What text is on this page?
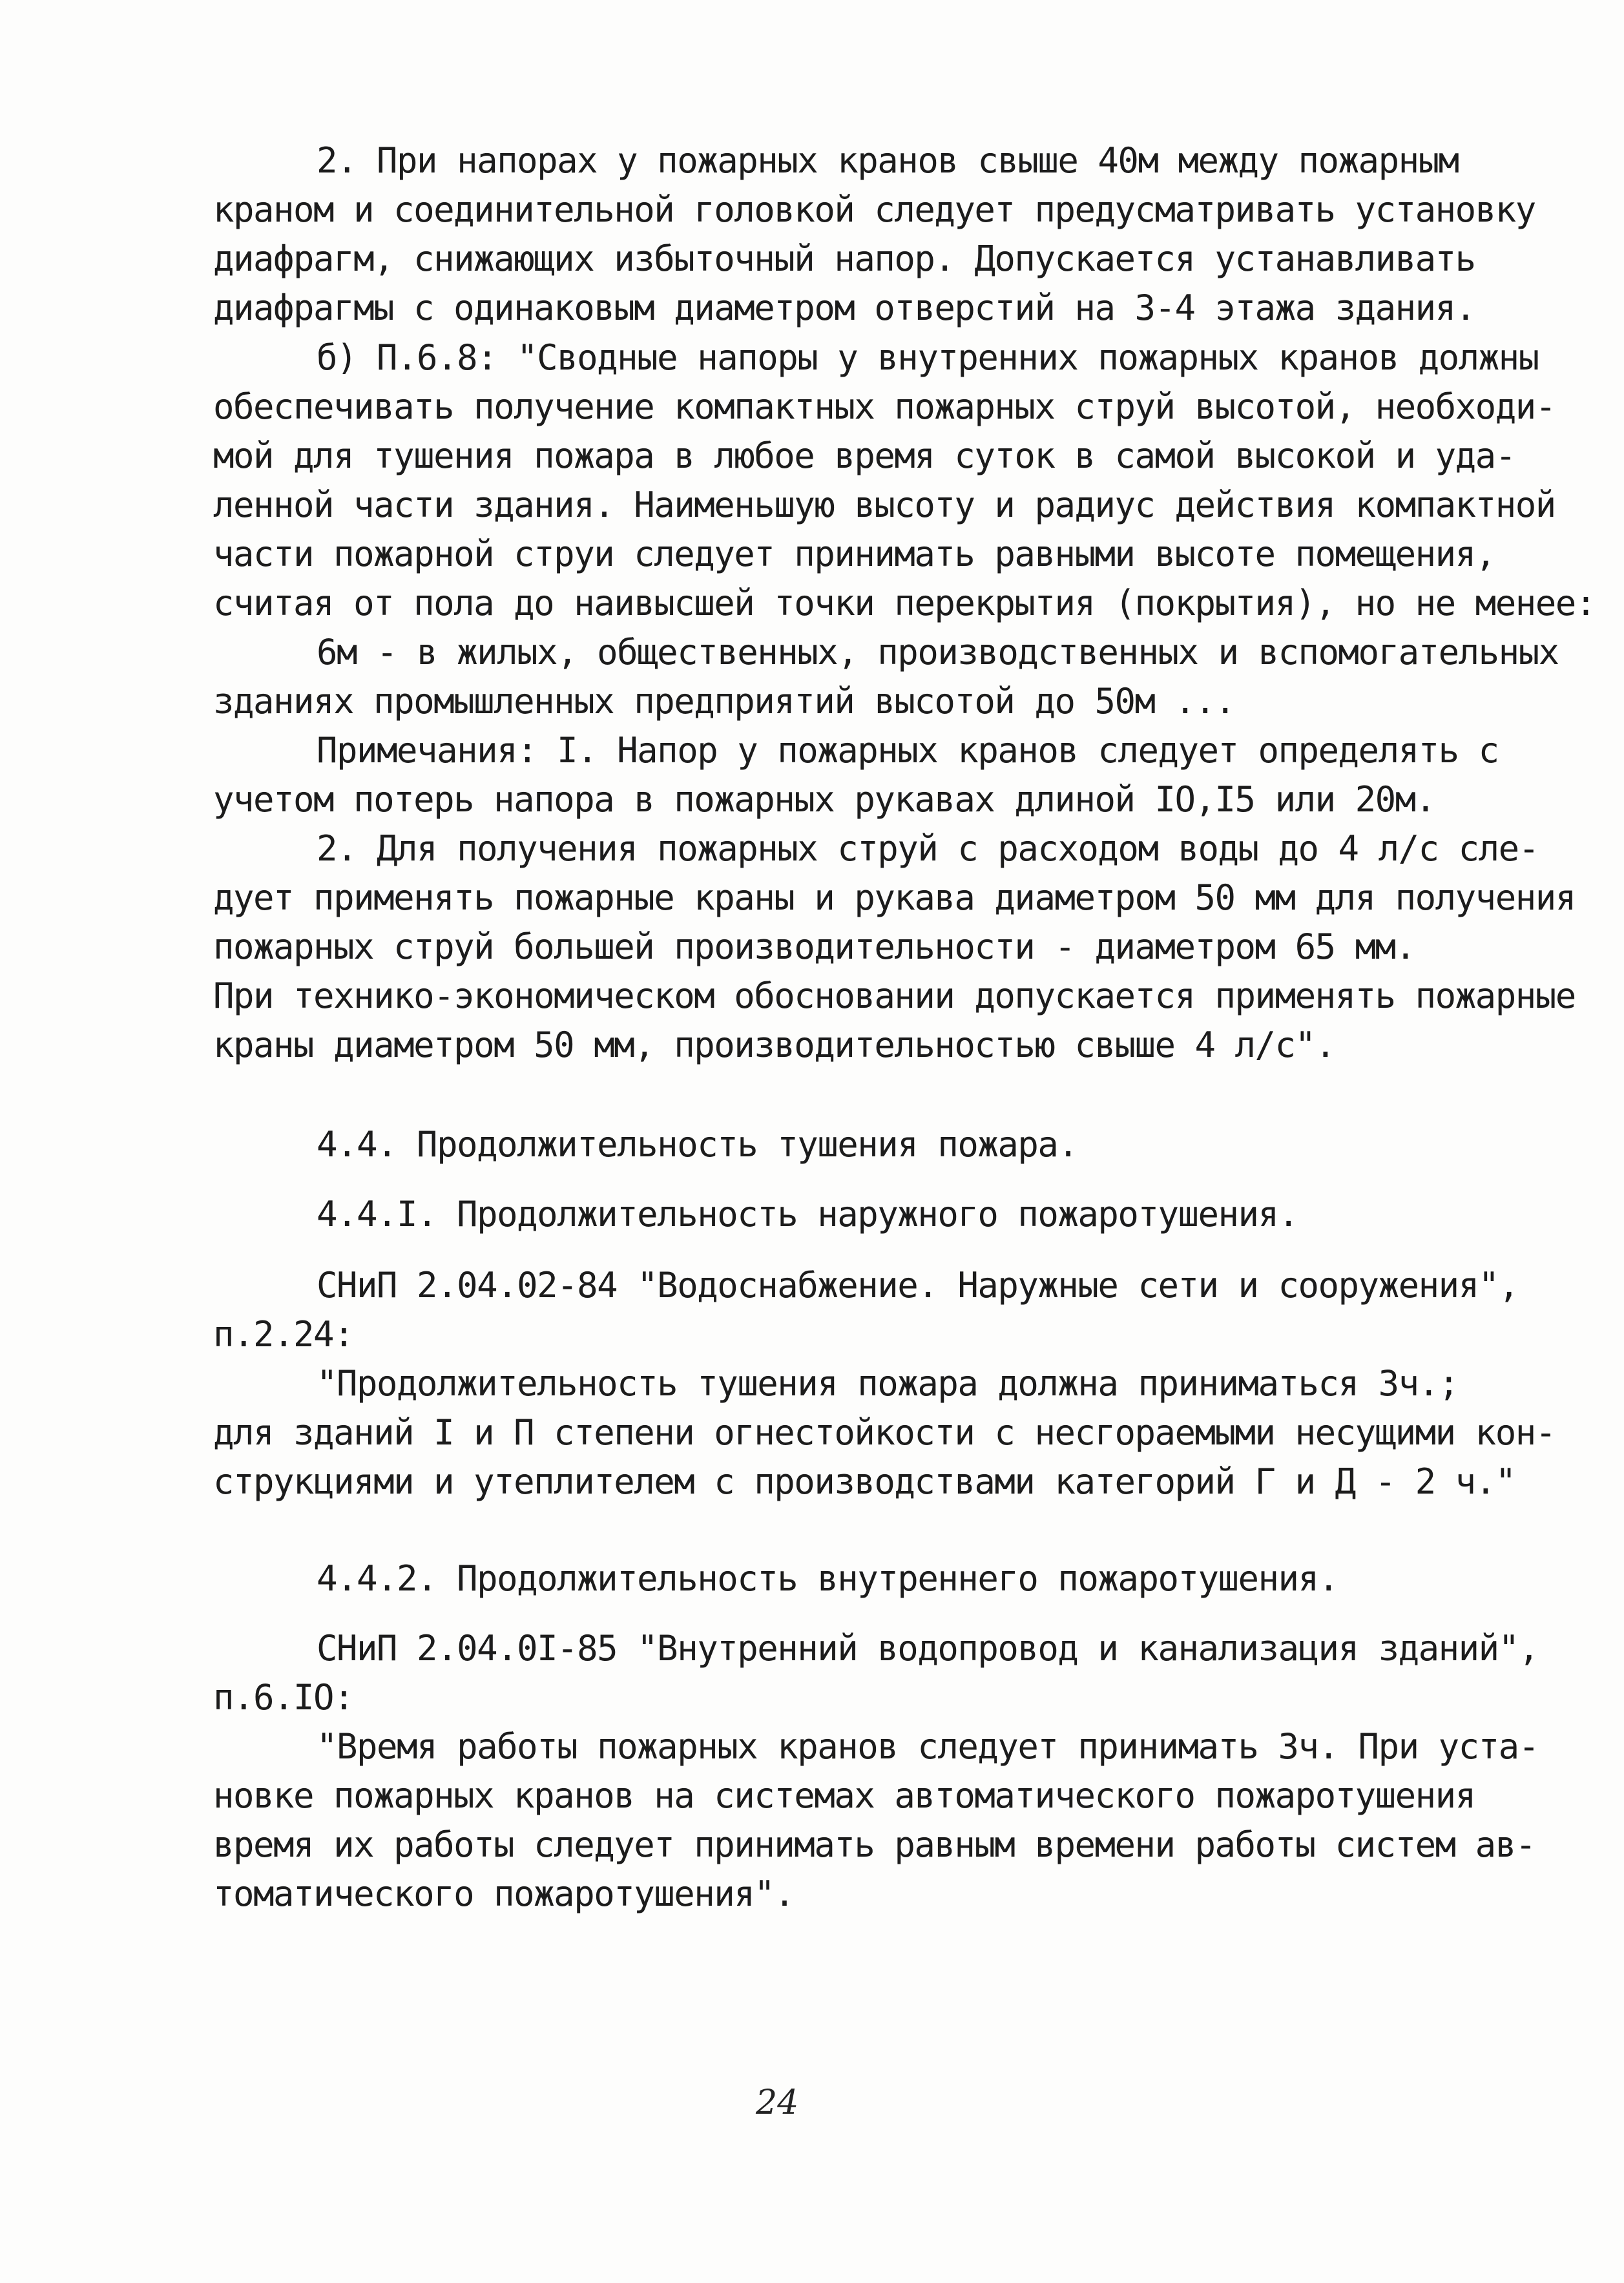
2. При напорах у пожарных кранов свыше 40м между пожарным
краном и соединительной головкой следует предусматривать установку
диафрагм, снижающих избыточный напор. Допускается устанавливать
диафрагмы с одинаковым диаметром отверстий на 3-4 этажа здания.
б) П.6.8: "Сводные напоры у внутренних пожарных кранов должны
обеспечивать получение компактных пожарных струй высотой, необходи-
мой для тушения пожара в любое время суток в самой высокой и уда-
ленной части здания. Наименьшую высоту и радиус действия компактной
части пожарной струи следует принимать равными высоте помещения,
считая от пола до наивысшей точки перекрытия (покрытия), но не менее:
6м - в жилых, общественных, производственных и вспомогательных
зданиях промышленных предприятий высотой до 50м ...
Примечания: I. Напор у пожарных кранов следует определять с
учетом потерь напора в пожарных рукавах длиной IO,I5 или 20м.
2. Для получения пожарных струй с расходом воды до 4 л/с сле-
дует применять пожарные краны и рукава диаметром 50 мм для получения
пожарных струй большей производительности - диаметром 65 мм.
При технико-экономическом обосновании допускается применять пожарные
краны диаметром 50 мм, производительностью свыше 4 л/с".
4.4. Продолжительность тушения пожара.
4.4.I. Продолжительность наружного пожаротушения.
СНиП 2.04.02-84 "Водоснабжение. Наружные сети и сооружения",
п.2.24:
"Продолжительность тушения пожара должна приниматься 3ч.;
для зданий I и П степени огнестойкости с несгораемыми несущими кон-
струкциями и утеплителем с производствами категорий Г и Д - 2 ч."
4.4.2. Продолжительность внутреннего пожаротушения.
СНиП 2.04.0I-85 "Внутренний водопровод и канализация зданий",
п.6.IO:
"Время работы пожарных кранов следует принимать 3ч. При уста-
новке пожарных кранов на системах автоматического пожаротушения
время их работы следует принимать равным времени работы систем ав-
томатического пожаротушения".
24
